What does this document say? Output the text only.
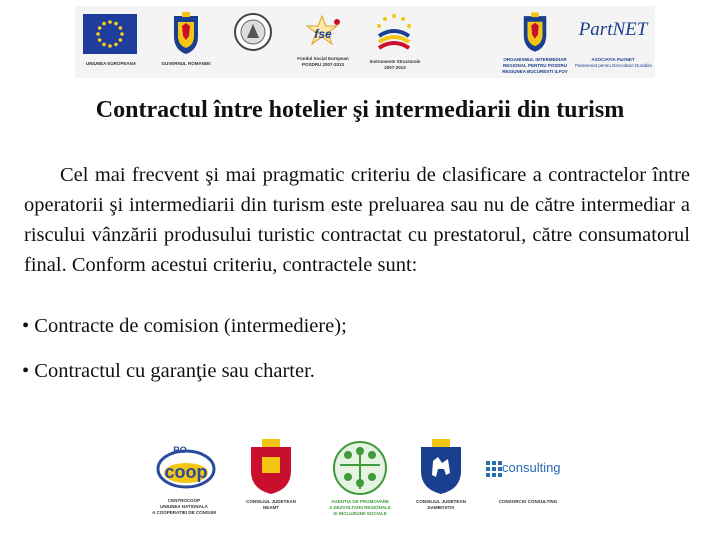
UNIUNEA EUROPEANA	GUVERNUL ROMANIEI
fse
Fondul Social European
POSDRU 2007-2013
Instrumente Structurale
2007-2013
ORGANISMUL INTERMEDIAR
REGIONAL PENTRU POSDRU
REGIUNEA BUCURESTI ILFOV
PartNET
ASOCIATIA PartNET
Parteneriat pentru Dezvoltare Durabila
Contractul între hotelier şi intermediarii din turism

Cel mai frecvent şi mai pragmatic criteriu de clasificare a contractelor între operatorii şi intermediarii din turism este preluarea sau nu de către intermediar a riscului vânzării produsului turistic contractat cu prestatorul, către consumatorul final. Conform acestui criteriu, contractele sunt:

• Contracte de comision (intermediere);

• Contractul cu garanţie sau charter.

RO
coop
CENTROCOOP
UNIUNEA NATIONALA
A COOPERATIEI DE CONSUM
CONSILIUL JUDETEAN
NEAMT
AGENTIA DE PROMOVARE
A DEZVOLTARII REGIONALE
SI INCLUZIUNII SOCIALE
CONSILIUL JUDETEAN
DAMBOVITA
consulting
CONSORCIO CONSULTING
